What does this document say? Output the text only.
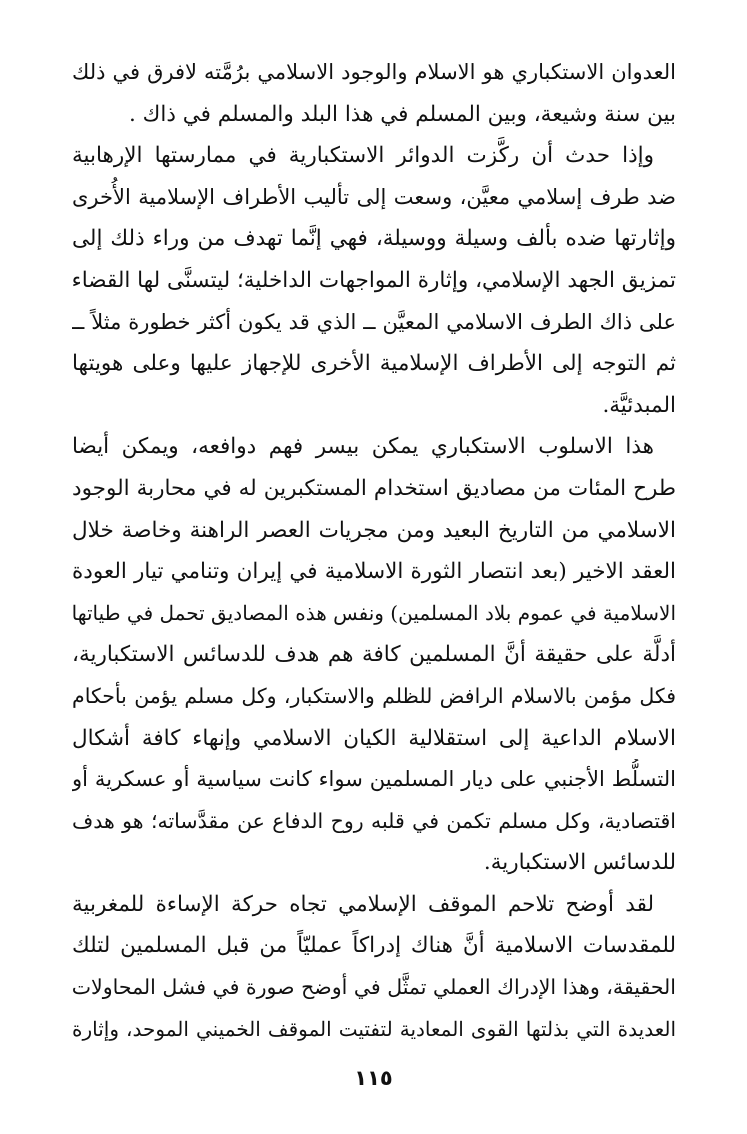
العدوان الاستكباري هو الاسلام والوجود الاسلامي برُمَّته لافرق في ذلك
بين سنة وشيعة، وبين المسلم في هذا البلد والمسلم في ذاك .
وإذا حدث أن ركَّزت الدوائر الاستكبارية في ممارستها الإرهابية
ضد طرف إسلامي معيَّن، وسعت إلى تأليب الأطراف الإسلامية الأُخرى
وإثارتها ضده بألف وسيلة ووسيلة، فهي إنَّما تهدف من وراء ذلك إلى
تمزيق الجهد الإسلامي، وإثارة المواجهات الداخلية؛ ليتسنَّى لها القضاء
على ذاك الطرف الاسلامي المعيَّن ــ الذي قد يكون أكثر خطورة مثلاً ــ
ثم التوجه إلى الأطراف الإسلامية الأخرى للإجهاز عليها وعلى هويتها
المبدئيَّة.
هذا الاسلوب الاستكباري يمكن بيسر فهم دوافعه، ويمكن أيضا
طرح المئات من مصاديق استخدام المستكبرين له في محاربة الوجود
الاسلامي من التاريخ البعيد ومن مجريات العصر الراهنة وخاصة خلال
العقد الاخير (بعد انتصار الثورة الاسلامية في إيران وتنامي تيار العودة
الاسلامية في عموم بلاد المسلمين) ونفس هذه المصاديق تحمل في طياتها
أدلَّة على حقيقة أنَّ المسلمين كافة هم هدف للدسائس الاستكبارية،
فكل مؤمن بالاسلام الرافض للظلم والاستكبار، وكل مسلم يؤمن بأحكام
الاسلام الداعية إلى استقلالية الكيان الاسلامي وإنهاء كافة أشكال
التسلُّط الأجنبي على ديار المسلمين سواء كانت سياسية أو عسكرية أو
اقتصادية، وكل مسلم تكمن في قلبه روح الدفاع عن مقدَّساته؛ هو هدف
للدسائس الاستكبارية.
لقد أوضح تلاحم الموقف الإسلامي تجاه حركة الإساءة للمغربية
للمقدسات الاسلامية أنَّ هناك إدراكاً عمليّاً من قبل المسلمين لتلك
الحقيقة، وهذا الإدراك العملي تمثَّل في أوضح صورة في فشل المحاولات
العديدة التي بذلتها القوى المعادية لتفتيت الموقف الخميني الموحد، وإثارة
١١٥
